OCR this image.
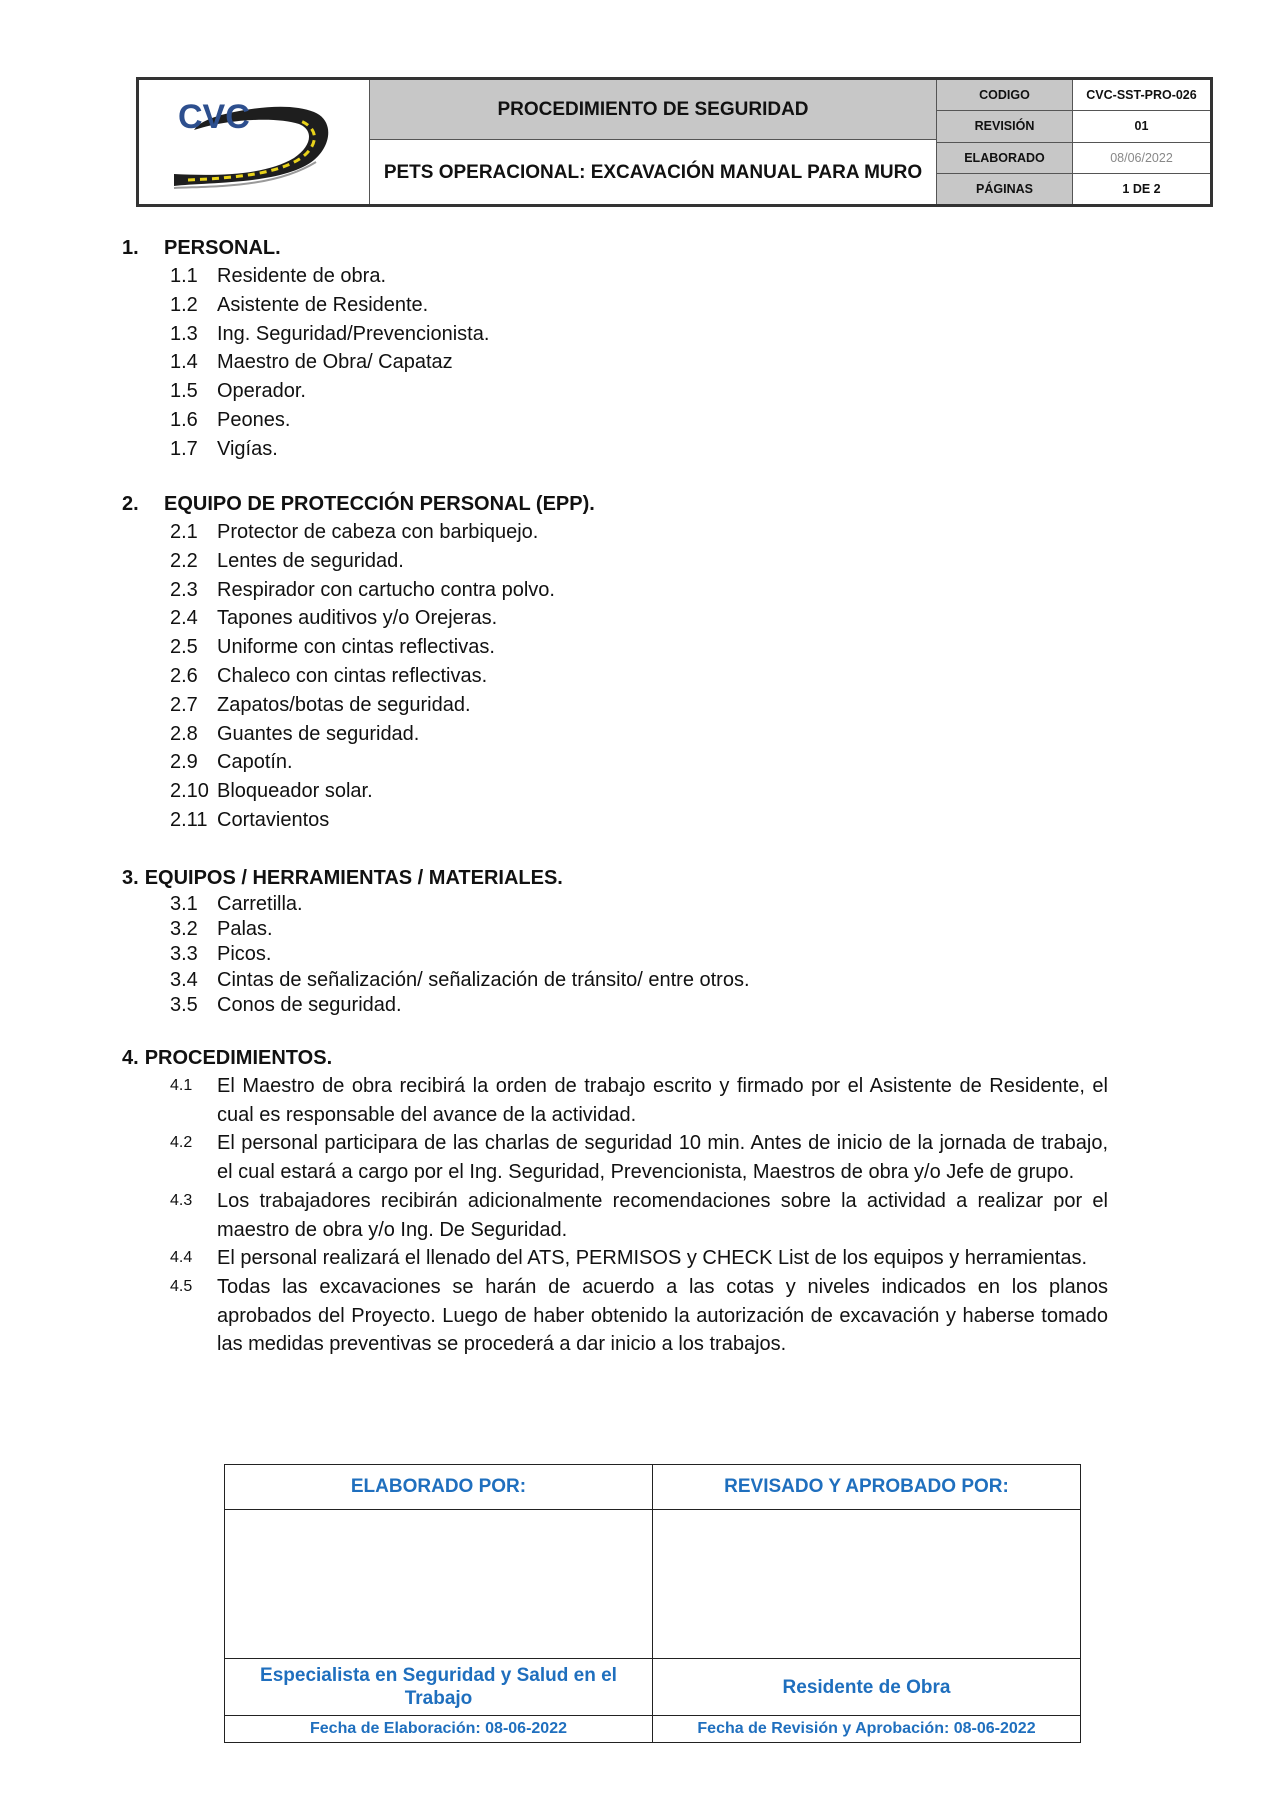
CVC	PROCEDIMIENTO DE SEGURIDAD
PETS OPERACIONAL: EXCAVACIÓN MANUAL PARA MURO
CODIGO	CVC-SST-PRO-026
REVISIÓN	01
ELABORADO	08/06/2022
PÁGINAS	1 DE 2
1. PERSONAL.
1.1 Residente de obra.
1.2 Asistente de Residente.
1.3 Ing. Seguridad/Prevencionista.
1.4 Maestro de Obra/ Capataz
1.5 Operador.
1.6 Peones.
1.7 Vigías.
2. EQUIPO DE PROTECCIÓN PERSONAL (EPP).
2.1 Protector de cabeza con barbiquejo.
2.2 Lentes de seguridad.
2.3 Respirador con cartucho contra polvo.
2.4 Tapones auditivos y/o Orejeras.
2.5 Uniforme con cintas reflectivas.
2.6 Chaleco con cintas reflectivas.
2.7 Zapatos/botas de seguridad.
2.8 Guantes de seguridad.
2.9 Capotín.
2.10 Bloqueador solar.
2.11 Cortavientos
3. EQUIPOS / HERRAMIENTAS / MATERIALES.
3.1 Carretilla.
3.2 Palas.
3.3 Picos.
3.4 Cintas de señalización/ señalización de tránsito/ entre otros.
3.5 Conos de seguridad.
4. PROCEDIMIENTOS.
4.1	El Maestro de obra recibirá la orden de trabajo escrito y firmado por el Asistente de Residente, el cual es responsable del avance de la actividad.
4.2	El personal participara de las charlas de seguridad 10 min. Antes de inicio de la jornada de trabajo, el cual estará a cargo por el Ing. Seguridad, Prevencionista, Maestros de obra y/o Jefe de grupo.
4.3	Los trabajadores recibirán adicionalmente recomendaciones sobre la actividad a realizar por el maestro de obra y/o Ing. De Seguridad.
4.4	El personal realizará el llenado del ATS, PERMISOS y CHECK List de los equipos y herramientas.
4.5	Todas las excavaciones se harán de acuerdo a las cotas y niveles indicados en los planos aprobados del Proyecto. Luego de haber obtenido la autorización de excavación y haberse tomado las medidas preventivas se procederá a dar inicio a los trabajos.
ELABORADO POR:	REVISADO Y APROBADO POR:

Especialista en Seguridad y Salud en el Trabajo	Residente de Obra
Fecha de Elaboración: 08-06-2022	Fecha de Revisión y Aprobación: 08-06-2022
